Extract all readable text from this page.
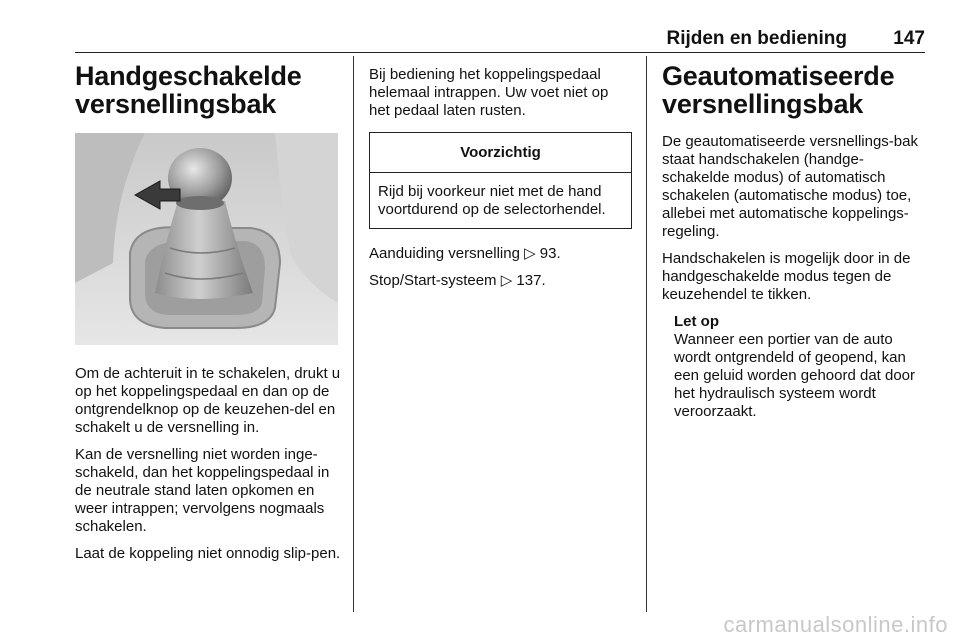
Rijden en bediening 147
Handgeschakelde versnellingsbak

Om de achteruit in te schakelen, drukt u op het koppelingspedaal en dan op de ontgrendelknop op de keuzehen-del en schakelt u de versnelling in.

Kan de versnelling niet worden inge-schakeld, dan het koppelingspedaal in de neutrale stand laten opkomen en weer intrappen; vervolgens nogmaals schakelen.

Laat de koppeling niet onnodig slip-pen.

Bij bediening het koppelingspedaal helemaal intrappen. Uw voet niet op het pedaal laten rusten.

Voorzichtig
Rijd bij voorkeur niet met de hand voortdurend op de selectorhendel.

Aanduiding versnelling ▷ 93.

Stop/Start-systeem ▷ 137.

Geautomatiseerde versnellingsbak

De geautomatiseerde versnellings-bak staat handschakelen (handge-schakelde modus) of automatisch schakelen (automatische modus) toe, allebei met automatische koppelings-regeling.

Handschakelen is mogelijk door in de handgeschakelde modus tegen de keuzehendel te tikken.

Let op
Wanneer een portier van de auto wordt ontgrendeld of geopend, kan een geluid worden gehoord dat door het hydraulisch systeem wordt veroorzaakt.
carmanualsonline.info
